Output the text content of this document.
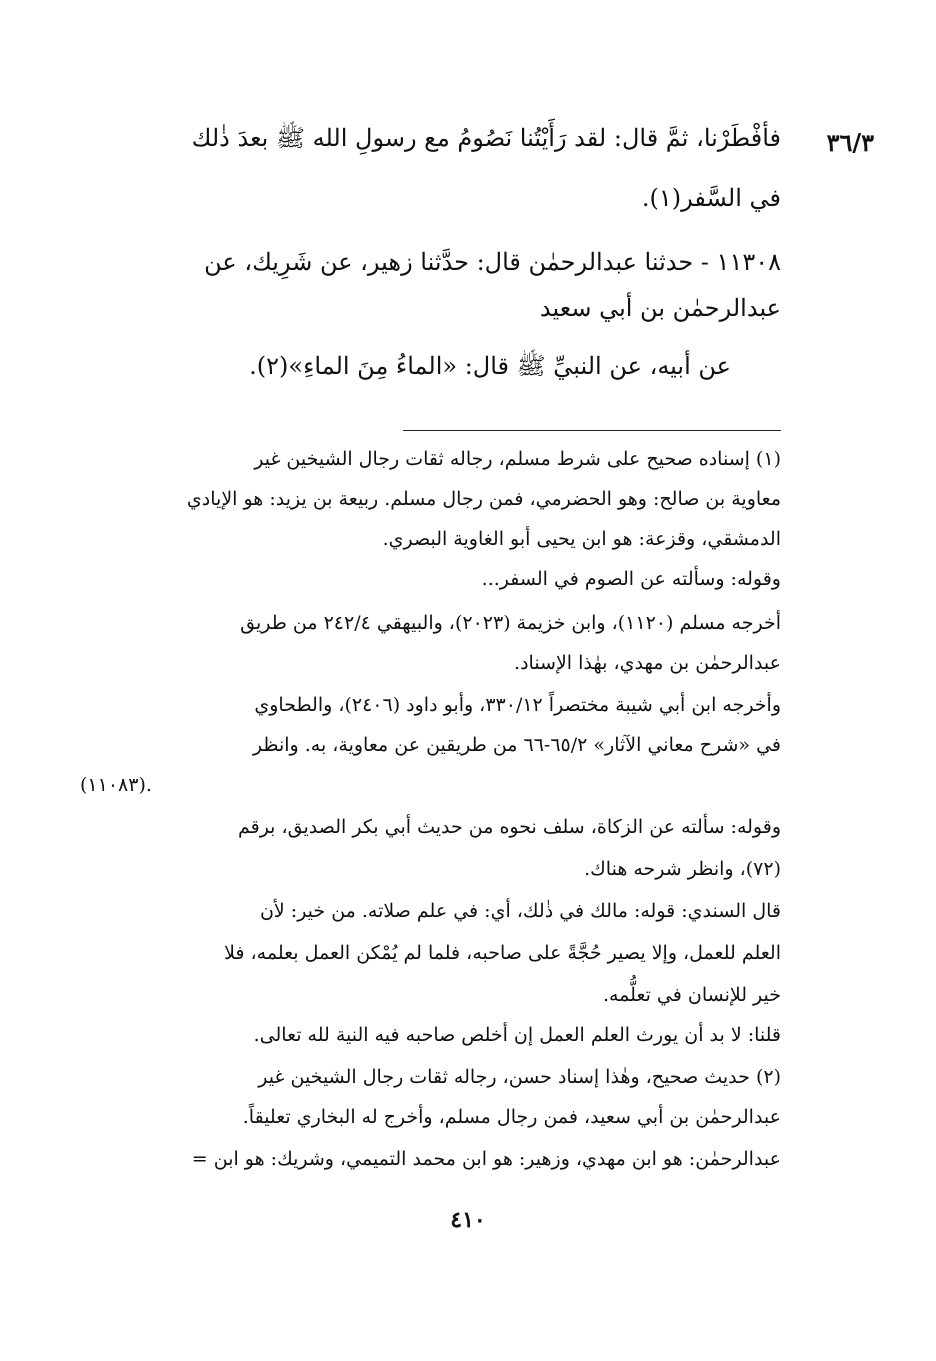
٣٦/٣
فأفْطَرْنا، ثمَّ قال: لقد رَأَيْتُنا نَصُومُ مع رسولِ الله ﷺ بعدَ ذٰلك
في السَّفر(١).
١١٣٠٨ - حدثنا عبدالرحمٰن قال: حدَّثنا زهير، عن شَرِيك، عن
عبدالرحمٰن بن أبي سعيد
عن أبيه، عن النبيِّ ﷺ قال: «الماءُ مِنَ الماءِ»(٢).
(١) إسناده صحيح على شرط مسلم، رجاله ثقات رجال الشيخين غير
معاوية بن صالح: وهو الحضرمي، فمن رجال مسلم. ربيعة بن يزيد: هو الإيادي
الدمشقي، وقزعة: هو ابن يحيى أبو الغاوية البصري.
وقوله: وسألته عن الصوم في السفر...
أخرجه مسلم (١١٢٠)، وابن خزيمة (٢٠٢٣)، والبيهقي ٢٤٢/٤ من طريق
عبدالرحمٰن بن مهدي، بهٰذا الإسناد.
وأخرجه ابن أبي شيبة مختصراً ٣٣٠/١٢، وأبو داود (٢٤٠٦)، والطحاوي
في «شرح معاني الآثار» ٦٥/٢-٦٦ من طريقين عن معاوية، به. وانظر
(١١٠٨٣).
وقوله: سألته عن الزكاة، سلف نحوه من حديث أبي بكر الصديق، برقم
(٧٢)، وانظر شرحه هناك.
قال السندي: قوله: مالك في ذٰلك، أي: في علم صلاته. من خير: لأن
العلم للعمل، وإلا يصير حُجَّةً على صاحبه، فلما لم يُمْكن العمل بعلمه، فلا
خير للإنسان في تعلُّمه.
قلنا: لا بد أن يورث العلم العمل إن أخلص صاحبه فيه النية لله تعالى.
(٢) حديث صحيح، وهٰذا إسناد حسن، رجاله ثقات رجال الشيخين غير
عبدالرحمٰن بن أبي سعيد، فمن رجال مسلم، وأخرج له البخاري تعليقاً.
عبدالرحمٰن: هو ابن مهدي، وزهير: هو ابن محمد التميمي، وشريك: هو ابن =
٤١٠
